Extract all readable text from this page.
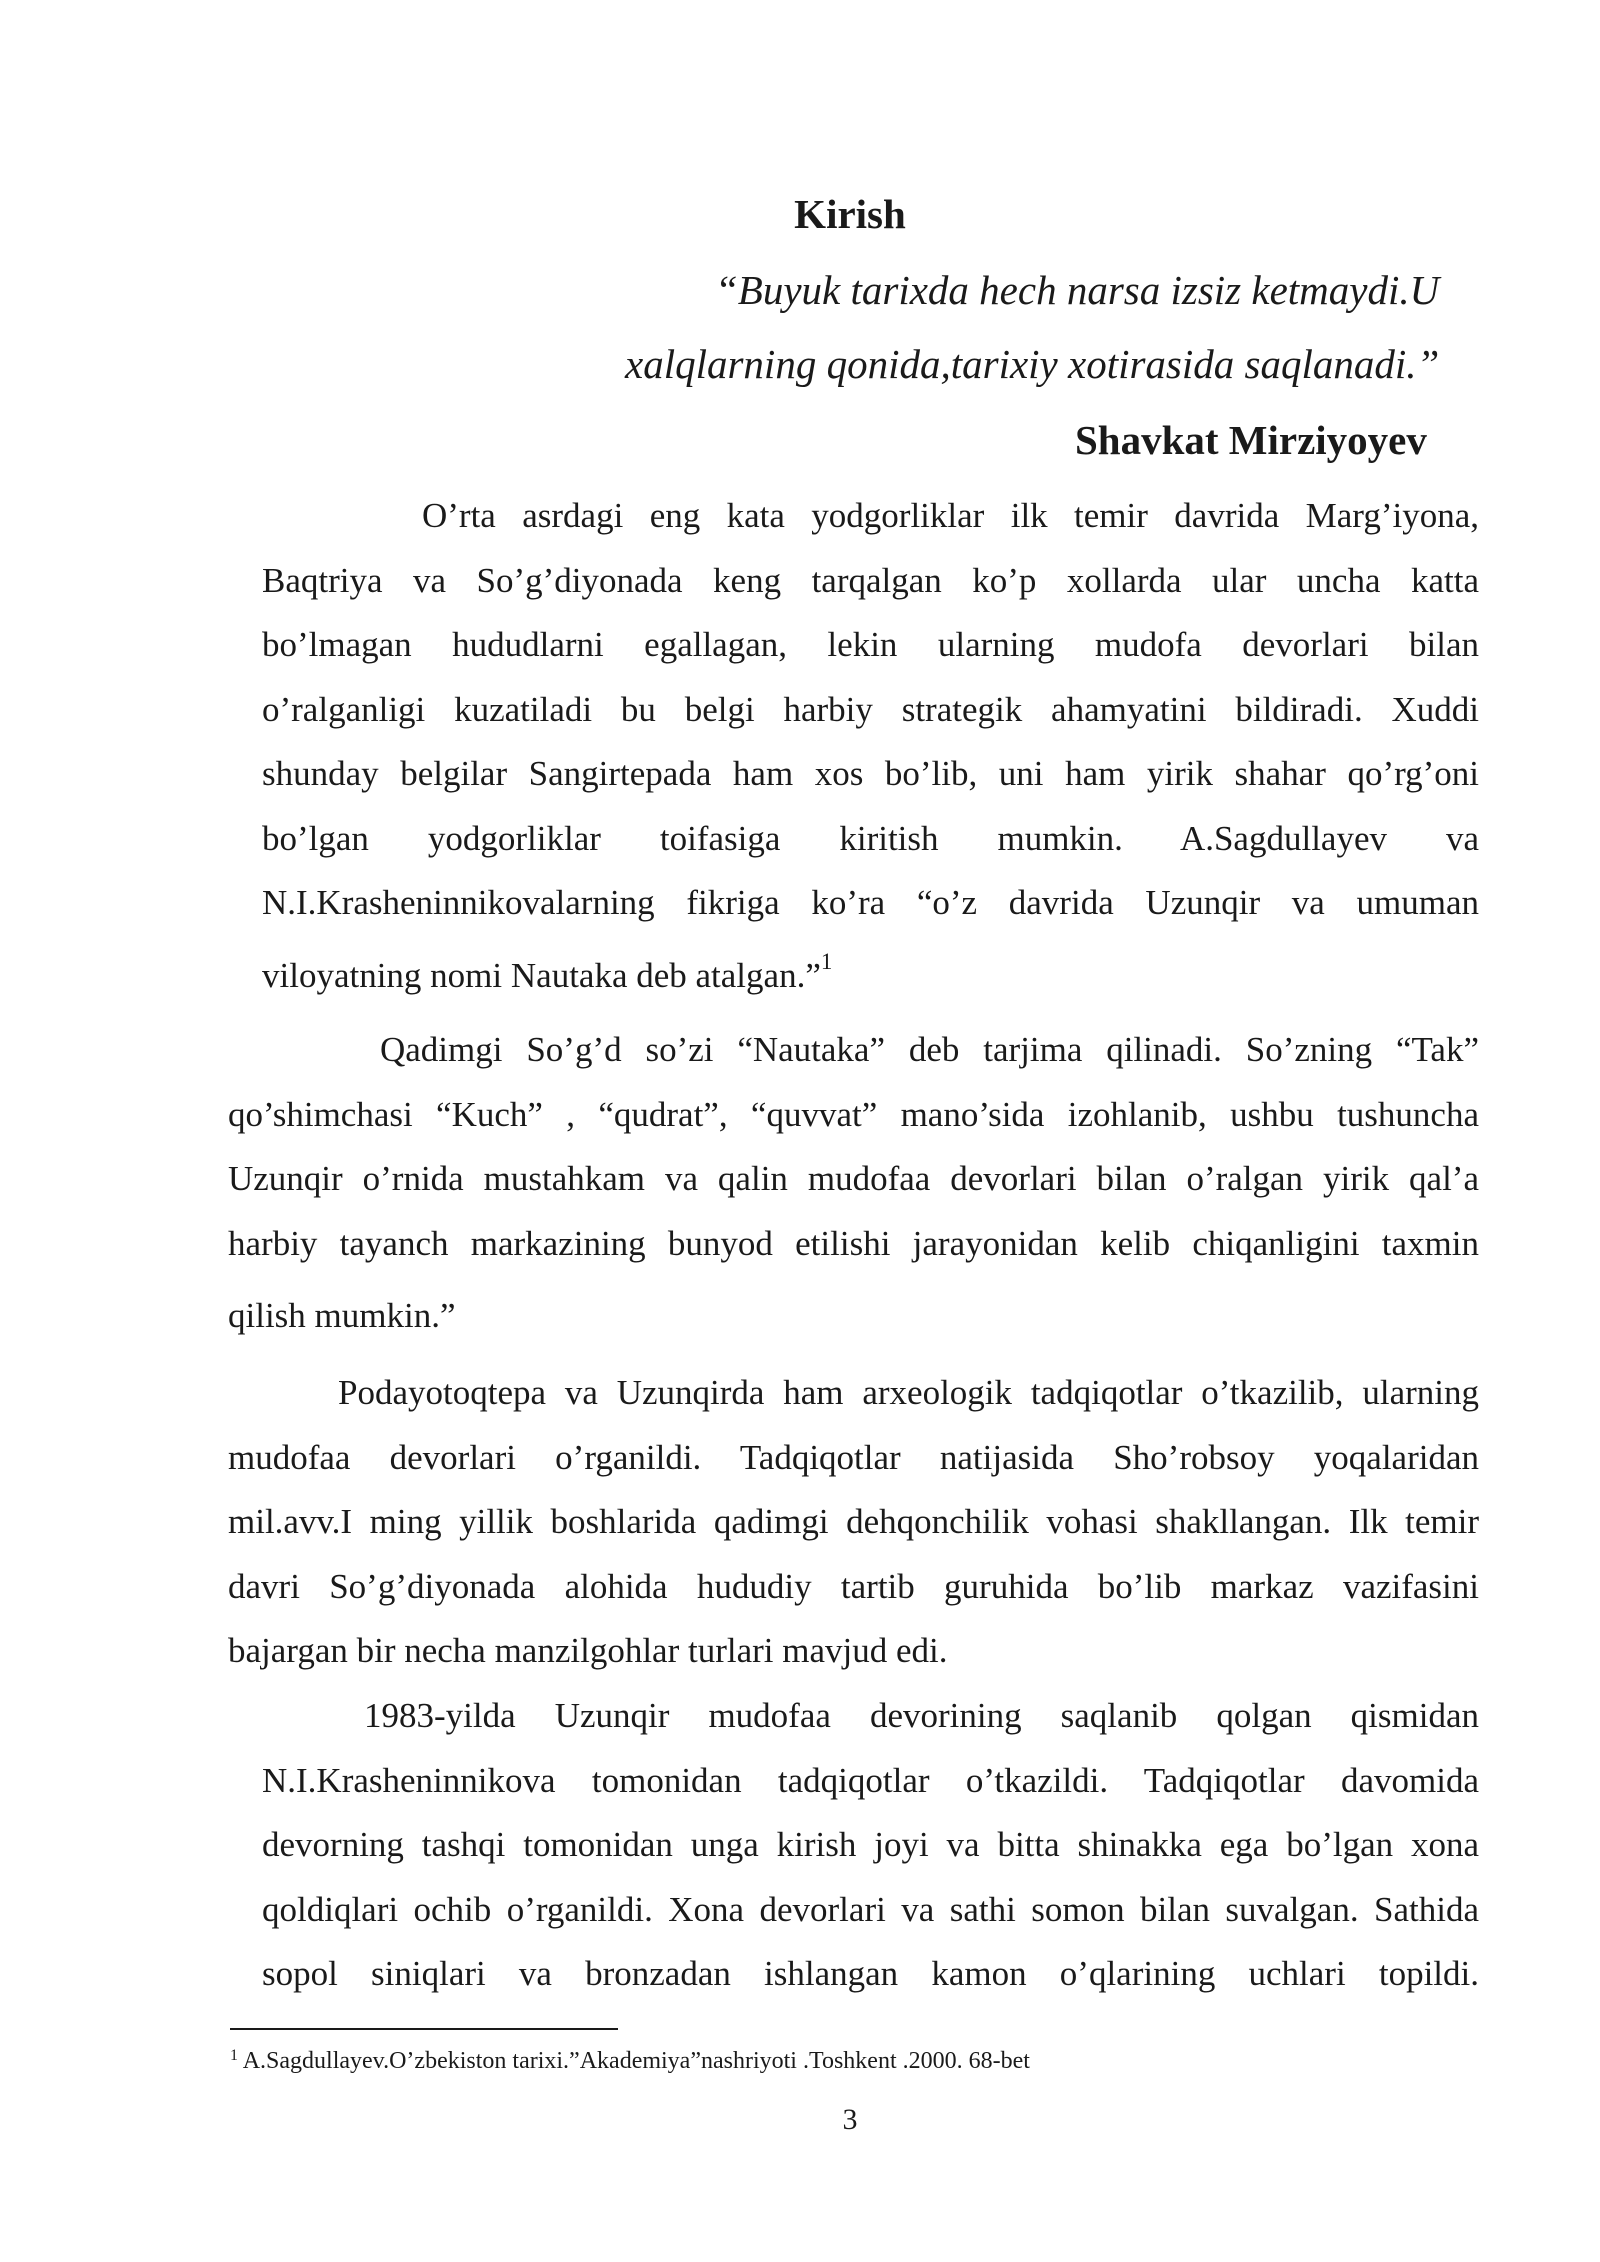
Kirish

“Buyuk tarixda hech narsa izsiz ketmaydi.U

xalqlarning qonida,tarixiy xotirasida saqlanadi.”

Shavkat Mirziyoyev

O’rta asrdagi eng kata yodgorliklar ilk temir davrida Marg’iyona,
Baqtriya va So’g’diyonada keng tarqalgan ko’p xollarda ular uncha katta
bo’lmagan hududlarni egallagan, lekin ularning mudofa devorlari bilan
o’ralganligi kuzatiladi bu belgi harbiy strategik ahamyatini bildiradi. Xuddi
shunday belgilar Sangirtepada ham xos bo’lib, uni ham yirik shahar qo’rg’oni
bo’lgan yodgorliklar toifasiga kiritish mumkin. A.Sagdullayev va
N.I.Krasheninnikovalarning fikriga ko’ra “o’z davrida Uzunqir va umuman
viloyatning nomi Nautaka deb atalgan.”$^1$
Qadimgi So’g’d so’zi “Nautaka” deb tarjima qilinadi. So’zning “Tak”
qo’shimchasi “Kuch” , “qudrat”, “quvvat” mano’sida izohlanib, ushbu tushuncha
Uzunqir o’rnida mustahkam va qalin mudofaa devorlari bilan o’ralgan yirik qal’a
harbiy tayanch markazining bunyod etilishi jarayonidan kelib chiqanligini taxmin
qilish mumkin.”
Podayotoqtepa va Uzunqirda ham arxeologik tadqiqotlar o’tkazilib, ularning
mudofaa devorlari o’rganildi. Tadqiqotlar natijasida Sho’robsoy yoqalaridan
mil.avv.I ming yillik boshlarida qadimgi dehqonchilik vohasi shakllangan. Ilk temir
davri So’g’diyonada alohida hududiy tartib guruhida bo’lib markaz vazifasini
bajargan bir necha manzilgohlar turlari mavjud edi.
1983-yilda Uzunqir mudofaa devorining saqlanib qolgan qismidan
N.I.Krasheninnikova tomonidan tadqiqotlar o’tkazildi. Tadqiqotlar davomida
devorning tashqi tomonidan unga kirish joyi va bitta shinakka ega bo’lgan xona
qoldiqlari ochib o’rganildi. Xona devorlari va sathi somon bilan suvalgan. Sathida
sopol siniqlari va bronzadan ishlangan kamon o’qlarining uchlari topildi.

$^1$ A.Sagdullayev.O’zbekiston tarixi.”Akademiya”nashriyoti .Toshkent .2000. 68-bet

3
